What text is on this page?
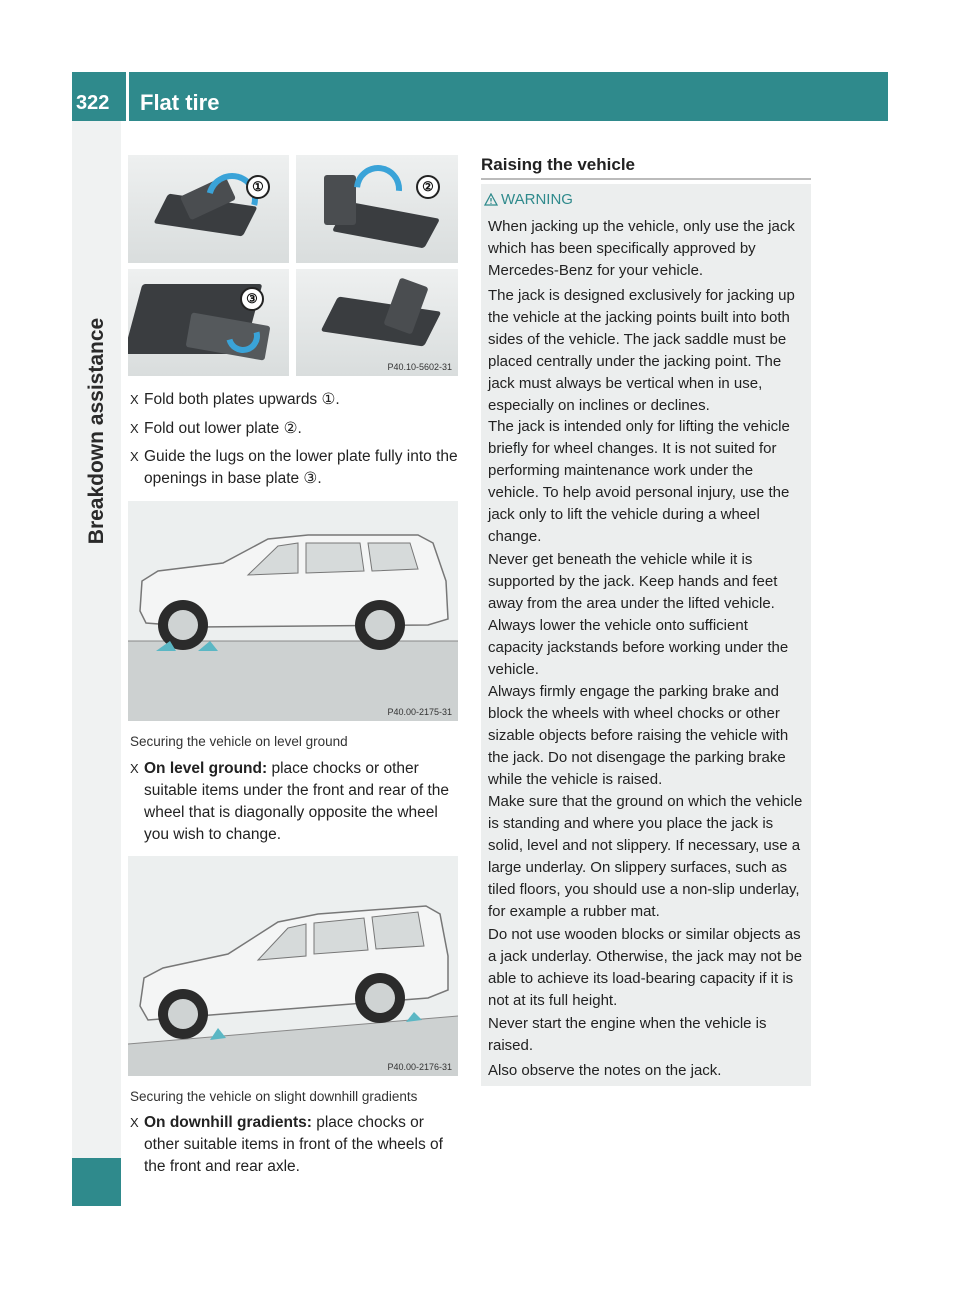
322	Flat tire
Breakdown assistance
①	②
③
P40.10-5602-31
X Fold both plates upwards ①.
X Fold out lower plate ②.
X Guide the lugs on the lower plate fully into the openings in base plate ③.
P40.00-2175-31
Securing the vehicle on level ground
X On level ground: place chocks or other suitable items under the front and rear of the wheel that is diagonally opposite the wheel you wish to change.
P40.00-2176-31
Securing the vehicle on slight downhill gradients
X On downhill gradients: place chocks or other suitable items in front of the wheels of the front and rear axle.
Raising the vehicle
WARNING

When jacking up the vehicle, only use the jack which has been specifically approved by Mercedes-Benz for your vehicle.

The jack is designed exclusively for jacking up the vehicle at the jacking points built into both sides of the vehicle. The jack saddle must be placed centrally under the jacking point. The jack must always be vertical when in use, especially on inclines or declines.

The jack is intended only for lifting the vehicle briefly for wheel changes. It is not suited for performing maintenance work under the vehicle. To help avoid personal injury, use the jack only to lift the vehicle during a wheel change.

Never get beneath the vehicle while it is supported by the jack. Keep hands and feet away from the area under the lifted vehicle. Always lower the vehicle onto sufficient capacity jackstands before working under the vehicle.

Always firmly engage the parking brake and block the wheels with wheel chocks or other sizable objects before raising the vehicle with the jack. Do not disengage the parking brake while the vehicle is raised.

Make sure that the ground on which the vehicle is standing and where you place the jack is solid, level and not slippery. If necessary, use a large underlay. On slippery surfaces, such as tiled floors, you should use a non-slip underlay, for example a rubber mat.

Do not use wooden blocks or similar objects as a jack underlay. Otherwise, the jack may not be able to achieve its load-bearing capacity if it is not at its full height.

Never start the engine when the vehicle is raised.

Also observe the notes on the jack.
